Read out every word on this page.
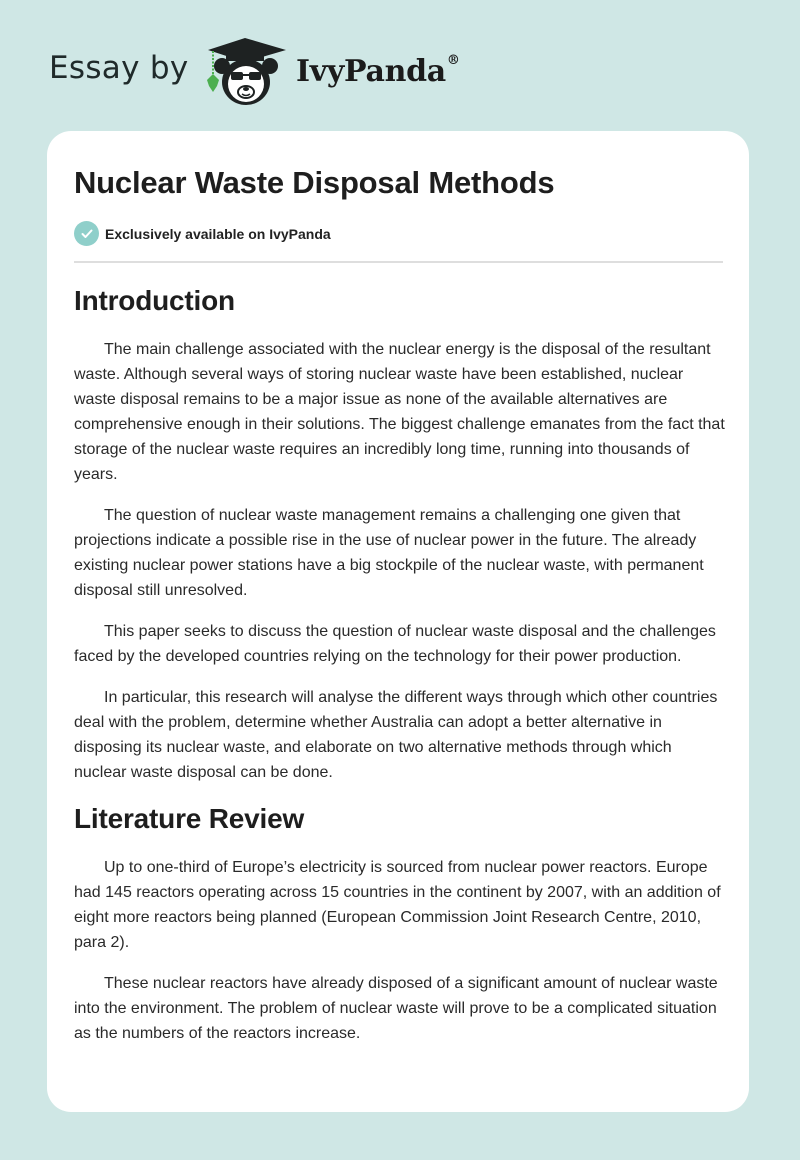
Essay by	IvyPanda®
Nuclear Waste Disposal Methods
Exclusively available on IvyPanda
Introduction

The main challenge associated with the nuclear energy is the disposal of the resultant waste. Although several ways of storing nuclear waste have been established, nuclear waste disposal remains to be a major issue as none of the available alternatives are comprehensive enough in their solutions. The biggest challenge emanates from the fact that storage of the nuclear waste requires an incredibly long time, running into thousands of years.

The question of nuclear waste management remains a challenging one given that projections indicate a possible rise in the use of nuclear power in the future. The already existing nuclear power stations have a big stockpile of the nuclear waste, with permanent disposal still unresolved.

This paper seeks to discuss the question of nuclear waste disposal and the challenges faced by the developed countries relying on the technology for their power production.

In particular, this research will analyse the different ways through which other countries deal with the problem, determine whether Australia can adopt a better alternative in disposing its nuclear waste, and elaborate on two alternative methods through which nuclear waste disposal can be done.

Literature Review

Up to one-third of Europe’s electricity is sourced from nuclear power reactors. Europe had 145 reactors operating across 15 countries in the continent by 2007, with an addition of eight more reactors being planned (European Commission Joint Research Centre, 2010, para 2).

These nuclear reactors have already disposed of a significant amount of nuclear waste into the environment. The problem of nuclear waste will prove to be a complicated situation as the numbers of the reactors increase.
